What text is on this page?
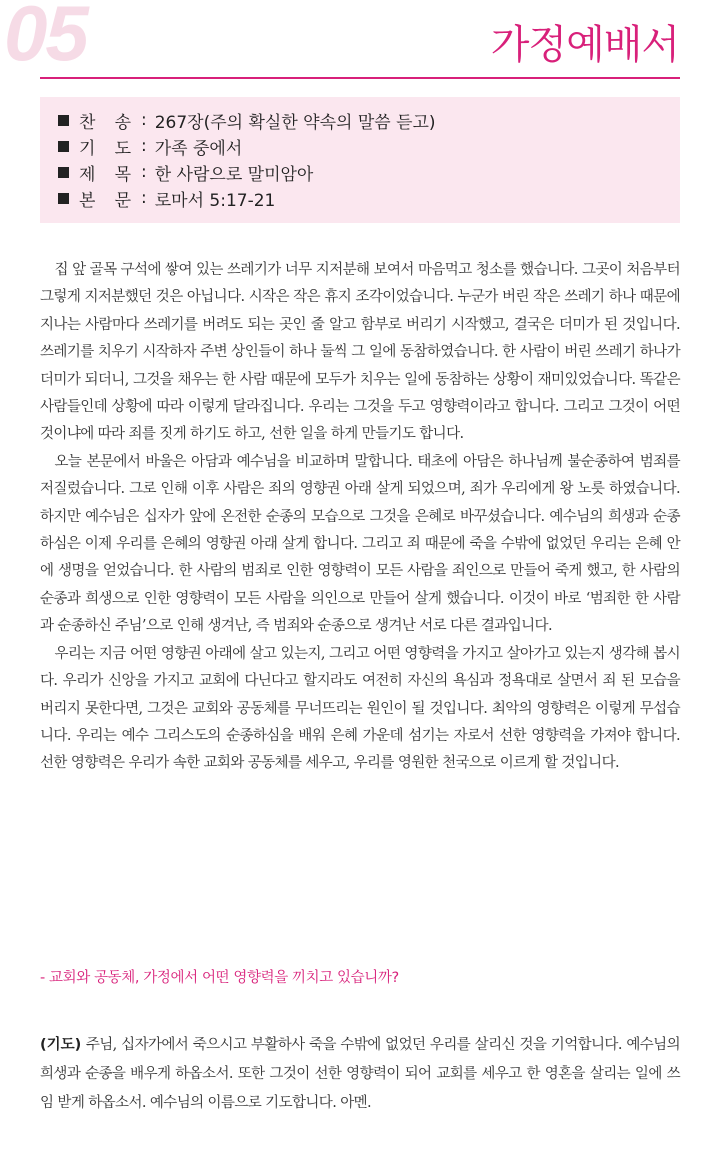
05	가정예배서
찬 송 : 267장(주의 확실한 약속의 말씀 듣고)
기 도 : 가족 중에서
제 목 : 한 사람으로 말미암아
본 문 : 로마서 5:17-21

집 앞 골목 구석에 쌓여 있는 쓰레기가 너무 지저분해 보여서 마음먹고 청소를 했습니다. 그곳이 처음부터 그렇게 지저분했던 것은 아닙니다. 시작은 작은 휴지 조각이었습니다. 누군가 버린 작은 쓰레기 하나 때문에 지나는 사람마다 쓰레기를 버려도 되는 곳인 줄 알고 함부로 버리기 시작했고, 결국은 더미가 된 것입니다. 쓰레기를 치우기 시작하자 주변 상인들이 하나 둘씩 그 일에 동참하였습니다. 한 사람이 버린 쓰레기 하나가 더미가 되더니, 그것을 채우는 한 사람 때문에 모두가 치우는 일에 동참하는 상황이 재미있었습니다. 똑같은 사람들인데 상황에 따라 이렇게 달라집니다. 우리는 그것을 두고 영향력이라고 합니다. 그리고 그것이 어떤 것이냐에 따라 죄를 짓게 하기도 하고, 선한 일을 하게 만들기도 합니다.

오늘 본문에서 바울은 아담과 예수님을 비교하며 말합니다. 태초에 아담은 하나님께 불순종하여 범죄를 저질렀습니다. 그로 인해 이후 사람은 죄의 영향권 아래 살게 되었으며, 죄가 우리에게 왕 노릇 하였습니다. 하지만 예수님은 십자가 앞에 온전한 순종의 모습으로 그것을 은혜로 바꾸셨습니다. 예수님의 희생과 순종하심은 이제 우리를 은혜의 영향권 아래 살게 합니다. 그리고 죄 때문에 죽을 수밖에 없었던 우리는 은혜 안에 생명을 얻었습니다. 한 사람의 범죄로 인한 영향력이 모든 사람을 죄인으로 만들어 죽게 했고, 한 사람의 순종과 희생으로 인한 영향력이 모든 사람을 의인으로 만들어 살게 했습니다. 이것이 바로 ‘범죄한 한 사람과 순종하신 주님’으로 인해 생겨난, 즉 범죄와 순종으로 생겨난 서로 다른 결과입니다.

우리는 지금 어떤 영향권 아래에 살고 있는지, 그리고 어떤 영향력을 가지고 살아가고 있는지 생각해 봅시다. 우리가 신앙을 가지고 교회에 다닌다고 할지라도 여전히 자신의 욕심과 정욕대로 살면서 죄 된 모습을 버리지 못한다면, 그것은 교회와 공동체를 무너뜨리는 원인이 될 것입니다. 최악의 영향력은 이렇게 무섭습니다. 우리는 예수 그리스도의 순종하심을 배워 은혜 가운데 섬기는 자로서 선한 영향력을 가져야 합니다. 선한 영향력은 우리가 속한 교회와 공동체를 세우고, 우리를 영원한 천국으로 이르게 할 것입니다.

- 교회와 공동체, 가정에서 어떤 영향력을 끼치고 있습니까?

(기도) 주님, 십자가에서 죽으시고 부활하사 죽을 수밖에 없었던 우리를 살리신 것을 기억합니다. 예수님의 희생과 순종을 배우게 하옵소서. 또한 그것이 선한 영향력이 되어 교회를 세우고 한 영혼을 살리는 일에 쓰임 받게 하옵소서. 예수님의 이름으로 기도합니다. 아멘.
